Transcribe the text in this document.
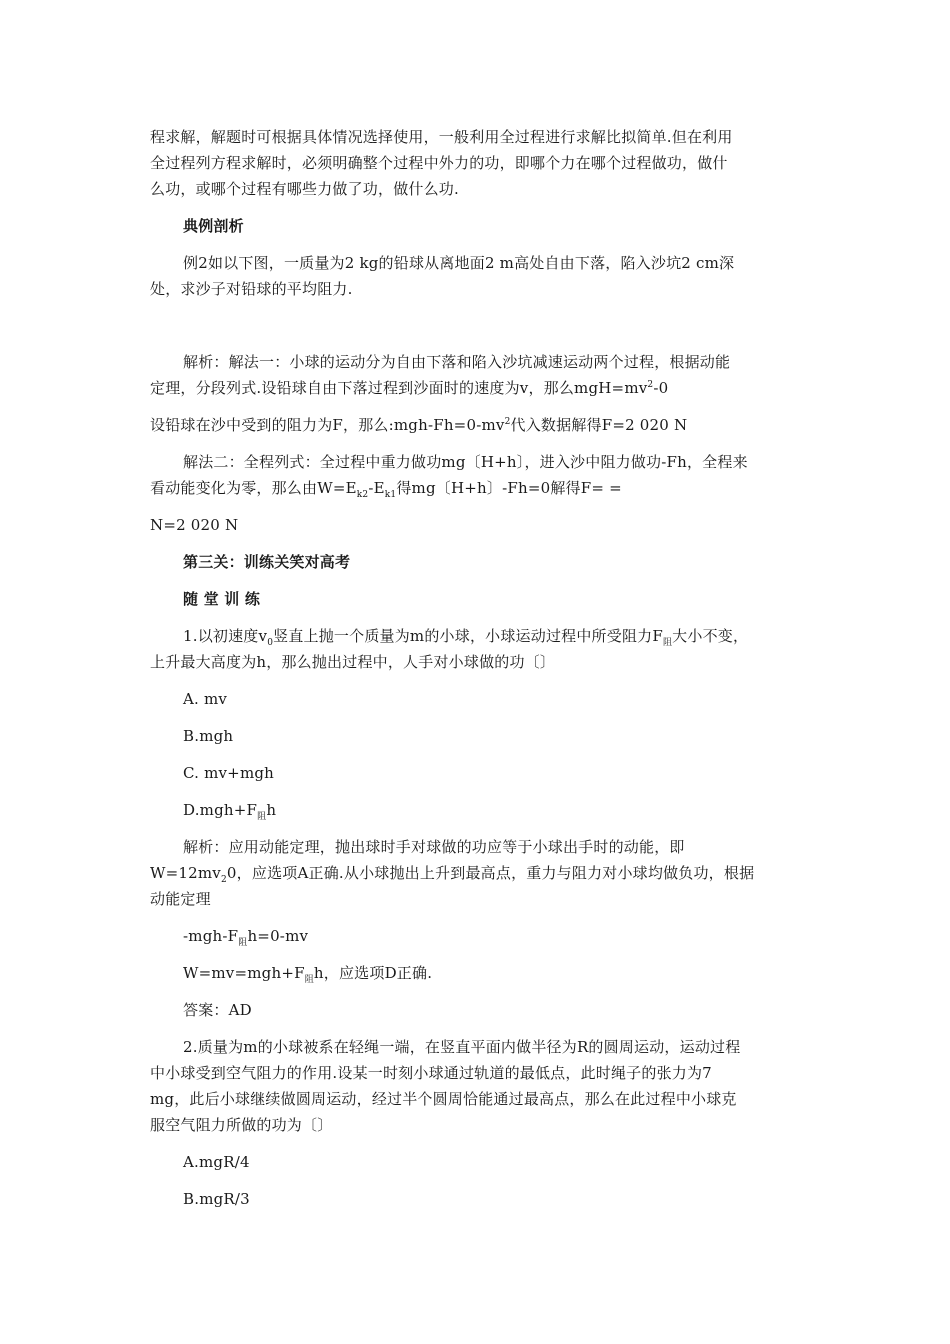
程求解，解题时可根据具体情况选择使用，一般利用全过程进行求解比拟简单.但在利用
全过程列方程求解时，必须明确整个过程中外力的功，即哪个力在哪个过程做功，做什
么功，或哪个过程有哪些力做了功，做什么功.
典例剖析
例2如以下图，一质量为2 kg的铅球从离地面2 m高处自由下落，陷入沙坑2 cm深
处，求沙子对铅球的平均阻力.
解析：解法一：小球的运动分为自由下落和陷入沙坑减速运动两个过程，根据动能
定理，分段列式.设铅球自由下落过程到沙面时的速度为v，那么$mgH=mv^2-0$
设铅球在沙中受到的阻力为F，那么$:mgh-Fh=0-mv^2$代入数据解得F=2 020 N
解法二：全程列式：全过程中重力做功mg〔H+h〕，进入沙中阻力做功-Fh，全程来
看动能变化为零，那么由$W=E_{k2}-E_{k1}$得mg〔H+h〕-Fh=0解得F= =
N=2 020 N
第三关：训练关笑对高考
随 堂 训 练
1.以初速度$v_0$竖直上抛一个质量为m的小球，小球运动过程中所受阻力$F_阻$大小不变，
上升最大高度为h，那么抛出过程中，人手对小球做的功〔〕
A. mv
B.mgh
C. mv+mgh
$D.mgh+F_阻h$
解析：应用动能定理，抛出球时手对球做的功应等于小球出手时的动能，即
$W=12mv_20$，应选项A正确.从小球抛出上升到最高点，重力与阻力对小球均做负功，根据
动能定理
$-mgh-F_阻h=0-mv$
$W=mv=mgh+F_阻h$，应选项D正确.
答案：AD
2.质量为m的小球被系在轻绳一端，在竖直平面内做半径为R的圆周运动，运动过程
中小球受到空气阻力的作用.设某一时刻小球通过轨道的最低点，此时绳子的张力为7
mg，此后小球继续做圆周运动，经过半个圆周恰能通过最高点，那么在此过程中小球克
服空气阻力所做的功为〔〕
A.mgR/4
B.mgR/3
